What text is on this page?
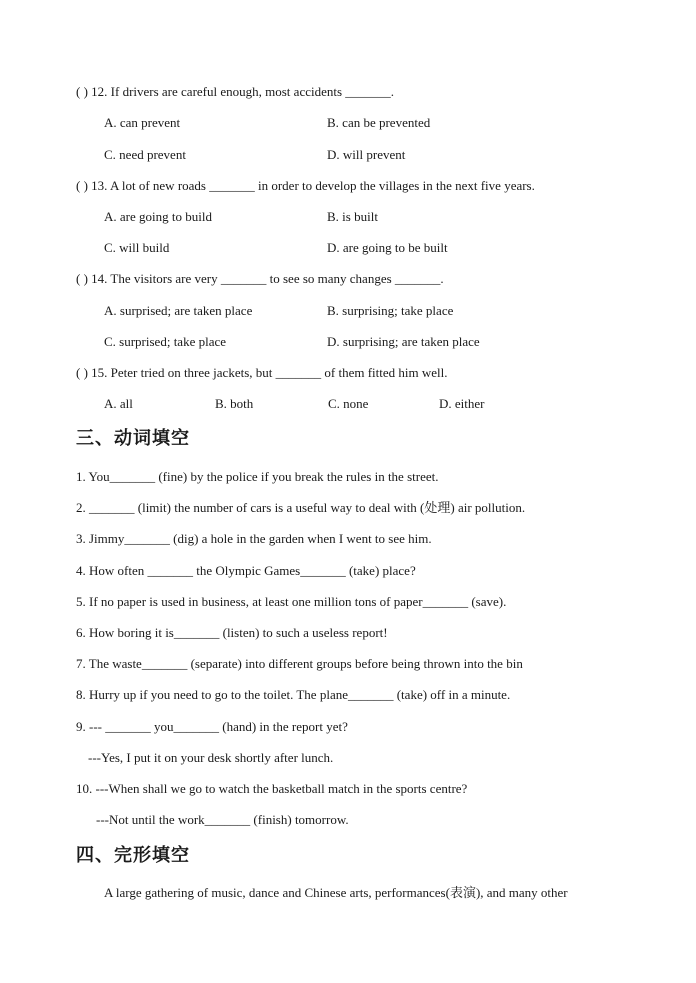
( ) 12. If drivers are careful enough, most accidents _______.
A. can prevent	B. can be prevented
C. need prevent	D. will prevent
( ) 13. A lot of new roads _______ in order to develop the villages in the next five years.
A. are going to build	B. is built
C. will build	D. are going to be built
( ) 14. The visitors are very _______ to see so many changes _______.
A. surprised; are taken place	B. surprising; take place
C. surprised; take place	D. surprising; are taken place
( ) 15. Peter tried on three jackets, but _______ of them fitted him well.
A. all	B. both	C. none	D. either
三、动词填空
1. You_______ (fine) by the police if you break the rules in the street.
2. _______ (limit) the number of cars is a useful way to deal with (处理) air pollution.
3. Jimmy_______ (dig) a hole in the garden when I went to see him.
4. How often _______ the Olympic Games_______ (take) place?
5. If no paper is used in business, at least one million tons of paper_______ (save).
6. How boring it is_______ (listen) to such a useless report!
7. The waste_______ (separate) into different groups before being thrown into the bin
8. Hurry up if you need to go to the toilet. The plane_______ (take) off in a minute.
9. --- _______ you_______ (hand) in the report yet?
---Yes, I put it on your desk shortly after lunch.
10. ---When shall we go to watch the basketball match in the sports centre?
---Not until the work_______ (finish) tomorrow.
四、完形填空
A large gathering of music, dance and Chinese arts, performances(表演), and many other
